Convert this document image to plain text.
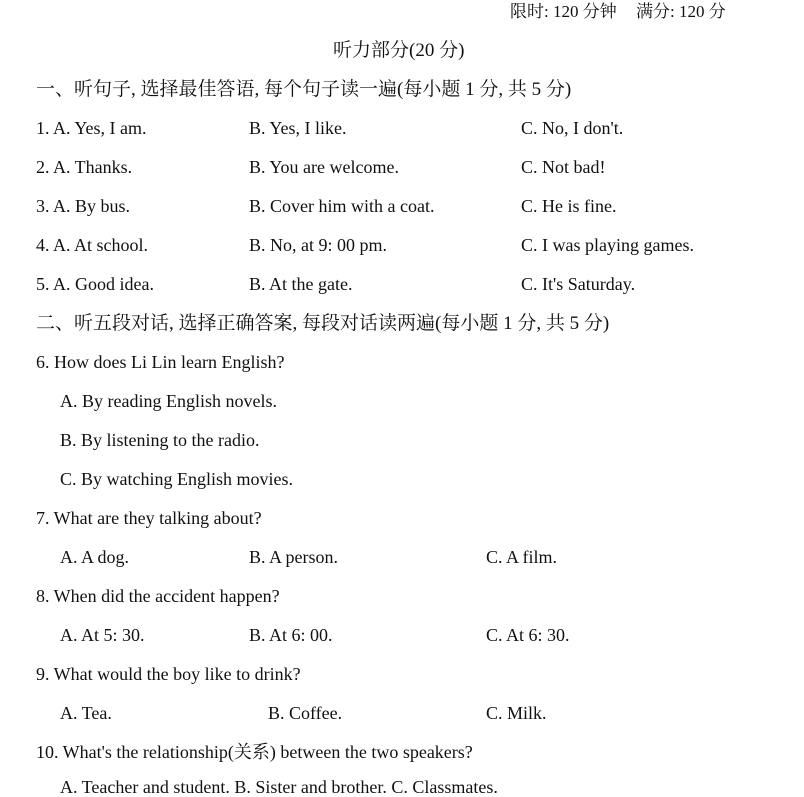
限时: 120 分钟 满分: 120 分
听力部分(20 分)
一、听句子, 选择最佳答语, 每个句子读一遍(每小题 1 分, 共 5 分)
1. A. Yes, I am.	B. Yes, I like.	C. No, I don't.
2. A. Thanks.	B. You are welcome.	C. Not bad!
3. A. By bus.	B. Cover him with a coat.	C. He is fine.
4. A. At school.	B. No, at 9: 00 pm.	C. I was playing games.
5. A. Good idea.	B. At the gate.	C. It's Saturday.
二、听五段对话, 选择正确答案, 每段对话读两遍(每小题 1 分, 共 5 分)
6. How does Li Lin learn English?
A. By reading English novels.
B. By listening to the radio.
C. By watching English movies.
7. What are they talking about?
A. A dog.	B. A person.	C. A film.
8. When did the accident happen?
A. At 5: 30.	B. At 6: 00.	C. At 6: 30.
9. What would the boy like to drink?
A. Tea.	B. Coffee.	C. Milk.
10. What's the relationship(关系) between the two speakers?
A. Teacher and student. B. Sister and brother. C. Classmates.
